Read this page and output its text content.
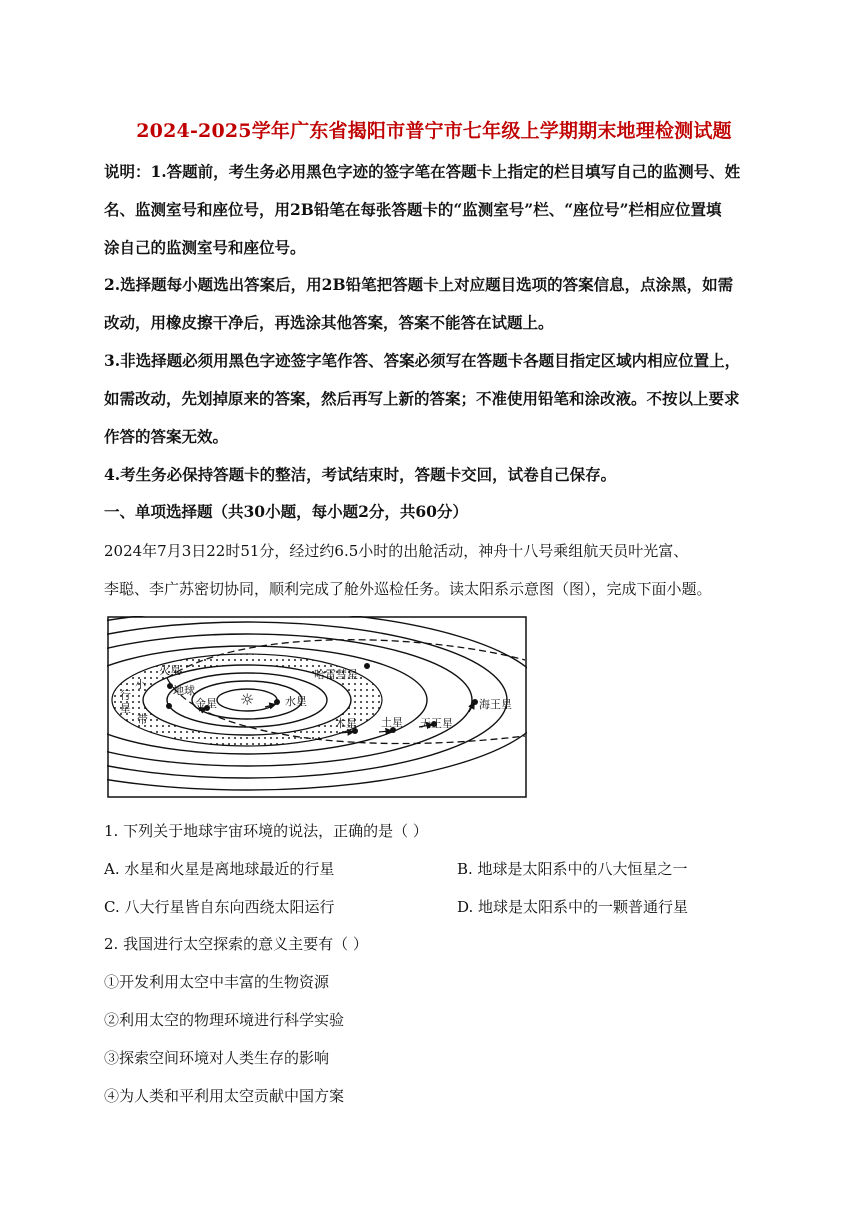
2024-2025学年广东省揭阳市普宁市七年级上学期期末地理检测试题
说明：1.答题前，考生务必用黑色字迹的签字笔在答题卡上指定的栏目填写自己的监测号、姓
名、监测室号和座位号，用2B铅笔在每张答题卡的“监测室号”栏、“座位号”栏相应位置填
涂自己的监测室号和座位号。
2.选择题每小题选出答案后，用2B铅笔把答题卡上对应题目选项的答案信息，点涂黑，如需
改动，用橡皮擦干净后，再选涂其他答案，答案不能答在试题上。
3.非选择题必须用黑色字迹签字笔作答、答案必须写在答题卡各题目指定区域内相应位置上，
如需改动，先划掉原来的答案，然后再写上新的答案；不准使用铅笔和涂改液。不按以上要求
作答的答案无效。
4.考生务必保持答题卡的整洁，考试结束时，答题卡交回，试卷自己保存。
一、单项选择题（共30小题，每小题2分，共60分）
2024年7月3日22时51分，经过约6.5小时的出舱活动，神舟十八号乘组航天员叶光富、
李聪、李广苏密切协同，顺利完成了舱外巡检任务。读太阳系示意图（图），完成下面小题。
☼
火星	哈雷彗星
小
行
星
带
地球
金星	水星
木星 土星 天王星
海王星
1. 下列关于地球宇宙环境的说法，正确的是（ ）
A. 水星和火星是离地球最近的行星	B. 地球是太阳系中的八大恒星之一
C. 八大行星皆自东向西绕太阳运行	D. 地球是太阳系中的一颗普通行星
2. 我国进行太空探索的意义主要有（ ）
①开发利用太空中丰富的生物资源
②利用太空的物理环境进行科学实验
③探索空间环境对人类生存的影响
④为人类和平利用太空贡献中国方案
